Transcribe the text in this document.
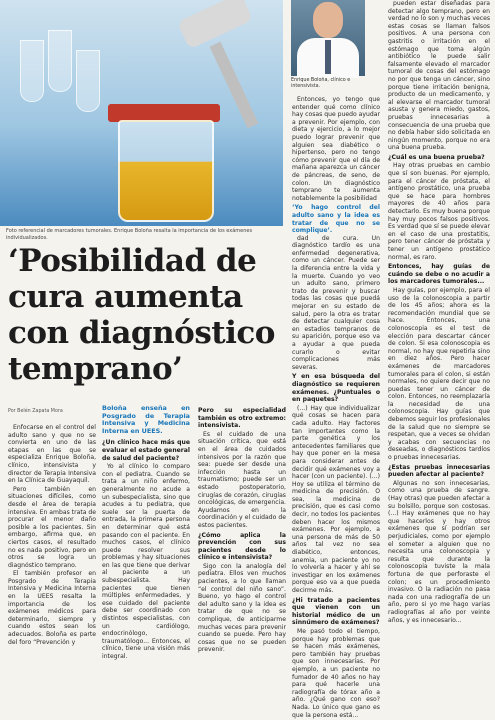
Foto referencial de marcadores tumorales. Enrique Boloña resalta la importancia de los exámenes individualizados.
Enrique Boloña, clínico e intensivista.
‘Posibilidad de cura aumenta con diagnóstico temprano’
Por Belén Zapata Mora

Enfocarse en el control del adulto sano y que no se convierta en uno de las etapas en las que se especializa Enrique Boloña, clínico, intensivista y director de Terapia Intensiva en la Clínica de Guayaquil.

Pero también en situaciones difíciles, como desde el área de terapia intensiva. En ambas trata de procurar el menor daño posible a los pacientes. Sin embargo, afirma que, en ciertos casos, el resultado no es nada positivo, pero en otros se logra un diagnóstico temprano.

El también profesor en Posgrado de Terapia Intensiva y Medicina Interna en la UEES resalta la importancia de los exámenes médicos para determinarlo, siempre y cuando estos sean los adecuados. Boloña es parte del foro “Prevención y

Boloña enseña en Posgrado de Terapia Intensiva y Medicina Interna en UEES.

¿Un clínico hace más que evaluar el estado general de salud del paciente?

Yo al clínico lo comparo con el pediatra. Cuando se trata a un niño enfermo, generalmente no acude a un subespecialista, sino que acudes a tu pediatra, que suele ser la puerta de entrada, la primera persona en determinar qué está pasando con el paciente. En muchos casos, el clínico puede resolver sus problemas y hay situaciones en las que tiene que derivar al paciente a un subespecialista. Hay pacientes que tienen múltiples enfermedades, y ese cuidado del paciente debe ser coordinado con distintos especialistas, con un cardiólogo, endocrinólogo, traumatólogo... Entonces, el clínico, tiene una visión más integral.

Pero su especialidad también es otro extremo: intensivista.

Es el cuidado de una situación crítica, que está en el área de cuidados intensivos por la razón que sea: puede ser desde una infección hasta un traumatismo; puede ser un estado postoperatorio, cirugías de corazón, cirugías oncológicas, de emergencia. Ayudamos en la coordinación y el cuidado de estos pacientes.

¿Cómo aplica la prevención con sus pacientes desde lo clínico e intensivista?

Sigo con la analogía del pediatra. Ellos ven muchos pacientes, a lo que llaman “el control del niño sano”. Bueno, yo hago el control del adulto sano y la idea es tratar de que no se complique, de anticiparme muchas veces para prevenir cuando se puede. Pero hay cosas que no se pueden prevenir.

Entonces, yo tengo que entender qué como clínico hay cosas que puedo ayudar a prevenir. Por ejemplo, con dieta y ejercicio, a lo mejor puedo lograr prevenir que alguien sea diabético o hipertenso, pero no tengo cómo prevenir que el día de mañana aparezca un cáncer de páncreas, de seno, de colon. Un diagnóstico temprano te aumenta notablemente la posibilidad

‘Yo hago control del adulto sano y la idea es tratar de que no se complique’.

dad de cura. Un diagnóstico tardío es una enfermedad degenerativa, como un cáncer. Puede ser la diferencia entre la vida y la muerte. Cuando yo veo un adulto sano, primero trato de prevenir y buscar todas las cosas que puedá mejorar en su estado de salud, pero la otra es tratar de detectar cualquier cosa en estadios tempranos de su aparición, porque eso va a ayudar a que pueda curarlo o evitar complicaciones más severas.

Y en esa búsqueda del diagnóstico se requieren exámenes. ¿Puntuales o en paquetes?

(...) Hay que individualizar qué cosas se hacen para cada adulto. Hay factores tan importantes como la parte genética y los antecedentes familiares que hay que poner en la mesa para considerar antes de decidir qué exámenes voy a hacer (con un paciente). (...) Hoy se utiliza el término de medicina de precisión. O sea, la medicina de precisión, que es casi como decir, no todos los pacientes deben hacer los mismos exámenes. Por ejemplo, a una persona de más de 50 años tal vez no sea diabético, entonces, anemia, un paciente yo no lo volvería a hacer y ahí se investigar en los exámenes porque eso va a que pueda decirme más.

¿Hi tratado a pacientes que vienen con un historial médico de un sinnúmero de exámenes?

Me pasó todo el tiempo, porque hay problemas que se hacen más exámenes, pero también hay pruebas que son innecesarias. Por ejemplo, a un paciente no fumador de 40 años no hay para qué hacerle una radiografía de tórax año a año. ¿Qué gano con eso? Nada. Lo único que gano es que la persona está...

pueden estar diseñadas para detectar algo temprano, pero en verdad no lo son y muchas veces estas cosas se llaman falsos positivos. A una persona con gastritis o irritación en el estómago que toma algún antibiótico le puede salir falsamente elevado el marcador tumoral de cosas del estómago no por que tenga un cáncer, sino porque tiene irritación benigna, producto de un medicamento, y al elevarse el marcador tumoral asusta y genera miedo, gastos, pruebas innecesarias a consecuencia de una prueba que no debía haber sido solicitada en ningún momento, porque no era una buena prueba.

¿Cuál es una buena prueba?

Hay otras pruebas en cambio que sí son buenas. Por ejemplo, para el cáncer de próstata, el antígeno prostático, una prueba que se hace para hombres mayores de 40 años para detectarlo. Es muy buena porque hay muy pocos falsos positivos. Es verdad que sí se puede elevar en el caso de una prostatitis, pero tener cáncer de próstata y tener un antígeno prostático normal, es raro.

Entonces, hay guías de cuándo se debe o no acudir a los marcadores tumorales...

Hay guías, por ejemplo, para el uso de la colonoscopia a partir de los 45 años; ahora es la recomendación mundial que se hace. Entonces, una colonoscopia es el test de elección para descartar cáncer de colon. Si esa colonoscopia es normal, no hay que repetirla sino en diez años. Pero hacer exámenes de marcadores tumorales para el colon, si están normales, no quiere decir que no puedas tener un cáncer de colon. Entonces, no reemplazaría la necesidad de una colonoscopia. Hay guías que debemos seguir los profesionales de la salud que no siempre se respetan, que a veces se olvidan y acabas con secuencias no deseadas, o diagnósticos tardíos o pruebas innecesarias.

¿Estas pruebas innecesarias pueden afectar al paciente?

Algunas no son innecesarias, como una prueba de sangre. (Hay otras) que pueden afectar a su bolsillo, porque son costosas. (...) Hay exámenes que no hay que hacerlos y hay otros exámenes que sí podrían ser perjudiciales, como por ejemplo el someter a alguien que no necesita una colonoscopia y resulta que durante la colonoscopia tuviste la mala fortuna de que perforaste el colon; es un procedimiento invasivo. O la radiación no pasa nada con una radiografía de un año, pero si yo me hago varias radiografías al año por veinte años, y es innecesario...
